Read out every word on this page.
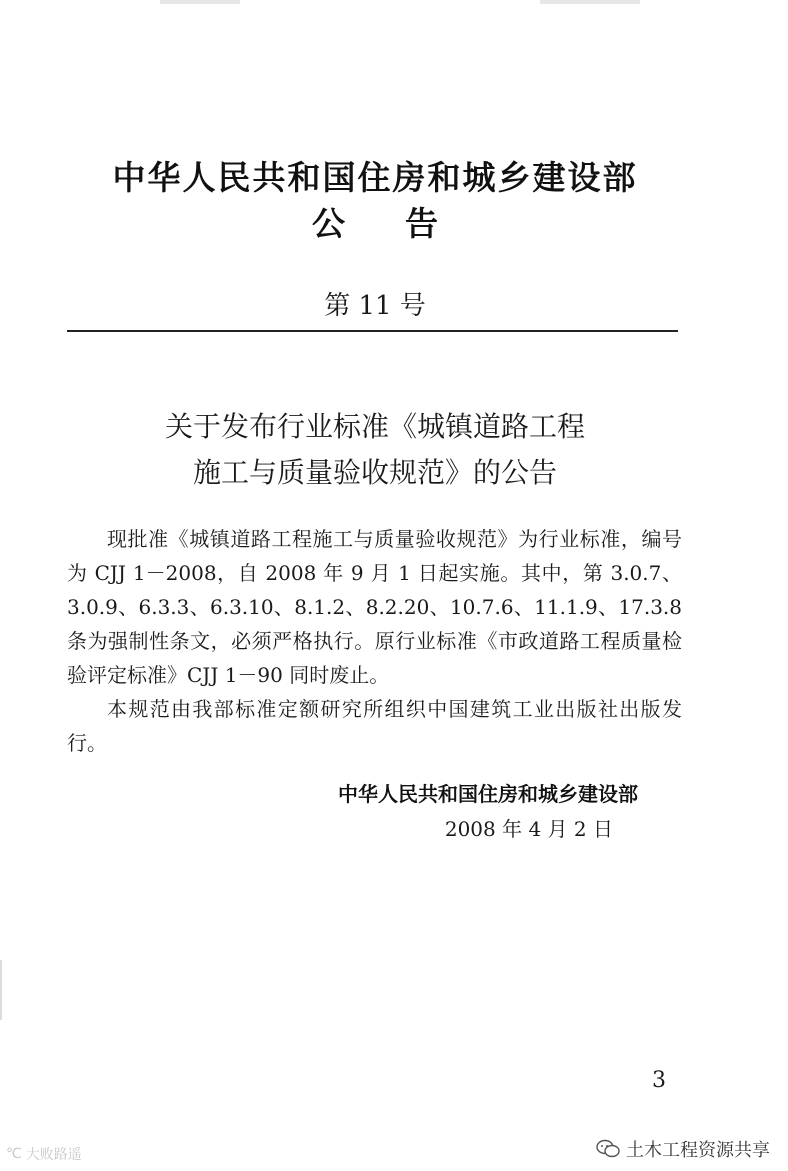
中华人民共和国住房和城乡建设部
公告
第 11 号
关于发布行业标准《城镇道路工程
施工与质量验收规范》的公告

现批准《城镇道路工程施工与质量验收规范》为行业标准，编号为 CJJ 1－2008，自 2008 年 9 月 1 日起实施。其中，第 3.0.7、3.0.9、6.3.3、6.3.10、8.1.2、8.2.20、10.7.6、11.1.9、17.3.8 条为强制性条文，必须严格执行。原行业标准《市政道路工程质量检验评定标准》CJJ 1－90 同时废止。

本规范由我部标准定额研究所组织中国建筑工业出版社出版发行。

中华人民共和国住房和城乡建设部
2008 年 4 月 2 日
3
℃ 大败路遥	土木工程资源共享
